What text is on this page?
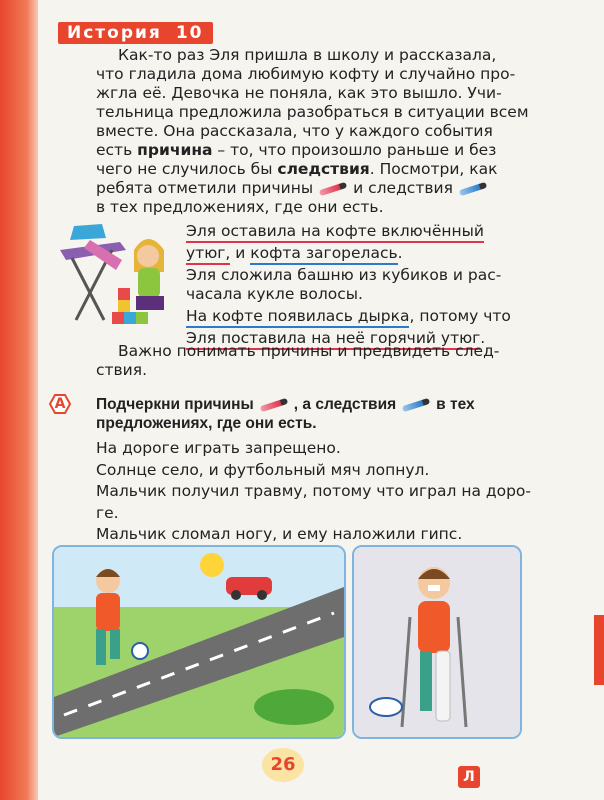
История 10
Как-то раз Эля пришла в школу и рассказала,
что гладила дома любимую кофту и случайно про-
жгла её. Девочка не поняла, как это вышло. Учи-
тельница предложила разобраться в ситуации всем
вместе. Она рассказала, что у каждого события
есть причина – то, что произошло раньше и без
чего не случилось бы следствия. Посмотри, как
ребята отметили причины	и следствия
в тех предложениях, где они есть.
Эля оставила на кофте включённый
утюг, и кофта загорелась.
Эля сложила башню из кубиков и рас-
часала кукле волосы.
На кофте появилась дырка, потому что
Эля поставила на неё горячий утюг.
Важно понимать причины и предвидеть след-
ствия.
А	Подчеркни причины	, а следствия	в тех
предложениях, где они есть.
На дороге играть запрещено.
Солнце село, и футбольный мяч лопнул.
Мальчик получил травму, потому что играл на доро-
ге.
Мальчик сломал ногу, и ему наложили гипс.
26
Л
